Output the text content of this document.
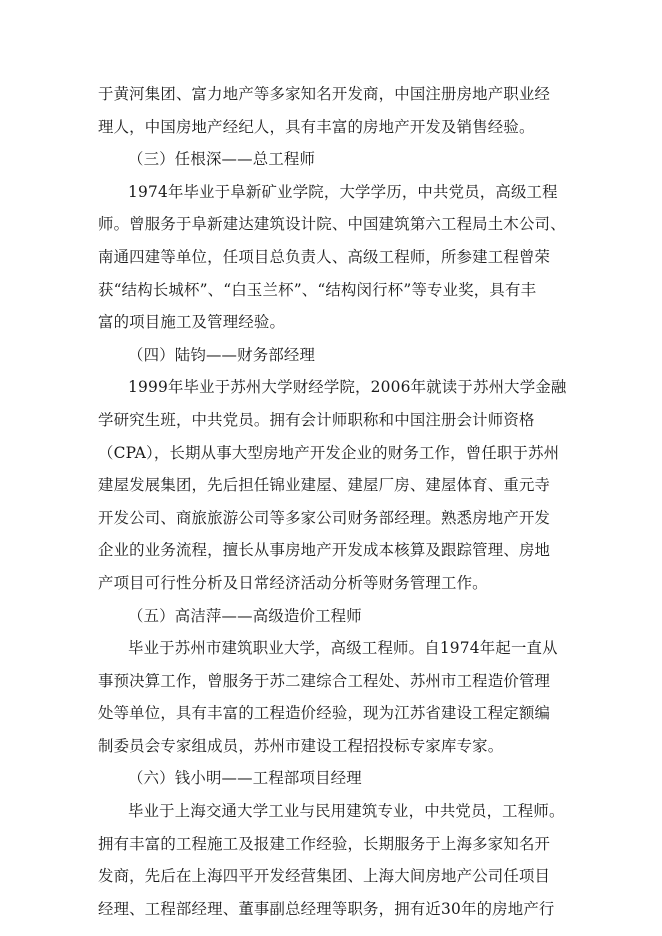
于黄河集团、富力地产等多家知名开发商，中国注册房地产职业经
理人，中国房地产经纪人，具有丰富的房地产开发及销售经验。
（三）任根深——总工程师
1974年毕业于阜新矿业学院，大学学历，中共党员，高级工程
师。曾服务于阜新建达建筑设计院、中国建筑第六工程局土木公司、
南通四建等单位，任项目总负责人、高级工程师，所参建工程曾荣
获“结构长城杯”、“白玉兰杯”、“结构闵行杯”等专业奖，具有丰
富的项目施工及管理经验。
（四）陆钧——财务部经理
1999年毕业于苏州大学财经学院，2006年就读于苏州大学金融
学研究生班，中共党员。拥有会计师职称和中国注册会计师资格
（CPA），长期从事大型房地产开发企业的财务工作，曾任职于苏州
建屋发展集团，先后担任锦业建屋、建屋厂房、建屋体育、重元寺
开发公司、商旅旅游公司等多家公司财务部经理。熟悉房地产开发
企业的业务流程，擅长从事房地产开发成本核算及跟踪管理、房地
产项目可行性分析及日常经济活动分析等财务管理工作。
（五）高洁萍——高级造价工程师
毕业于苏州市建筑职业大学，高级工程师。自1974年起一直从
事预决算工作，曾服务于苏二建综合工程处、苏州市工程造价管理
处等单位，具有丰富的工程造价经验，现为江苏省建设工程定额编
制委员会专家组成员，苏州市建设工程招投标专家库专家。
（六）钱小明——工程部项目经理
毕业于上海交通大学工业与民用建筑专业，中共党员，工程师。
拥有丰富的工程施工及报建工作经验，长期服务于上海多家知名开
发商，先后在上海四平开发经营集团、上海大间房地产公司任项目
经理、工程部经理、董事副总经理等职务，拥有近30年的房地产行
